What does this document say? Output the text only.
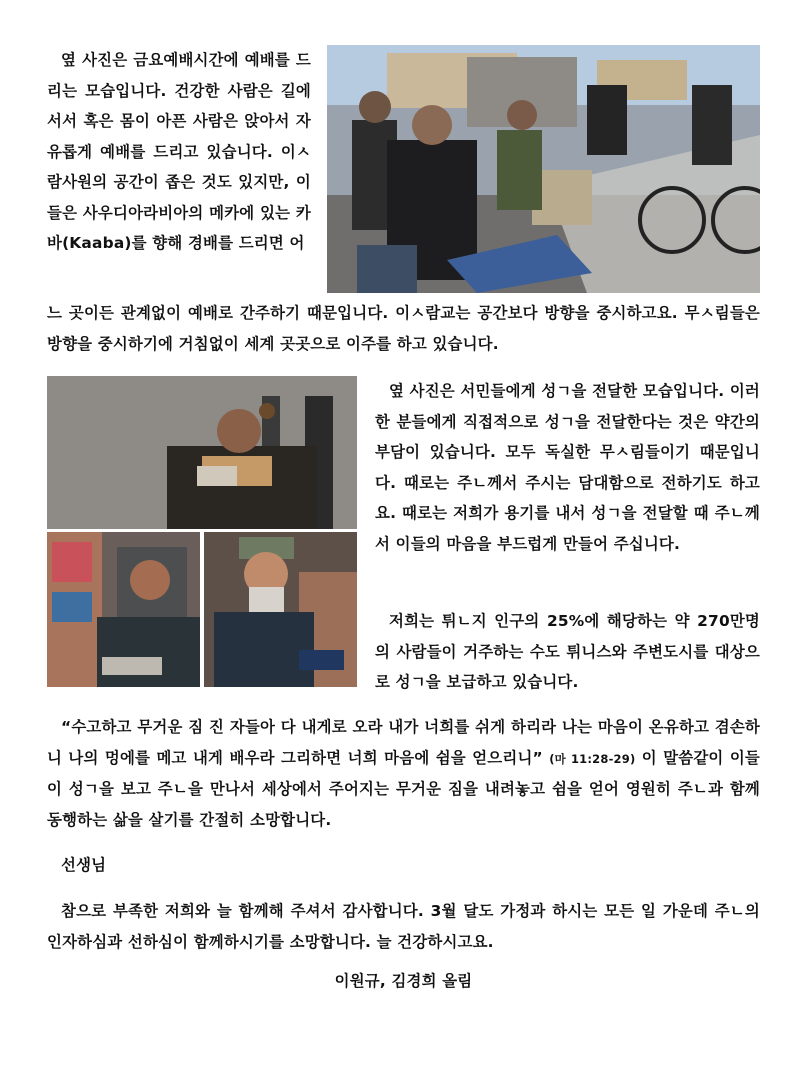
옆 사진은 금요예배시간에 예배를 드리는 모습입니다. 건강한 사람은 길에 서서 혹은 몸이 아픈 사람은 앉아서 자유롭게 예배를 드리고 있습니다. 이ㅅ람사원의 공간이 좁은 것도 있지만, 이들은 사우디아라비아의 메카에 있는 카바(Kaaba)를 향해 경배를 드리면 어

느 곳이든 관계없이 예배로 간주하기 때문입니다. 이ㅅ람교는 공간보다 방향을 중시하고요. 무ㅅ림들은 방향을 중시하기에 거침없이 세계 곳곳으로 이주를 하고 있습니다.

옆 사진은 서민들에게 성ㄱ을 전달한 모습입니다. 이러한 분들에게 직접적으로 성ㄱ을 전달한다는 것은 약간의 부담이 있습니다. 모두 독실한 무ㅅ림들이기 때문입니다. 때로는 주ㄴ께서 주시는 담대함으로 전하기도 하고요. 때로는 저희가 용기를 내서 성ㄱ을 전달할 때 주ㄴ께서 이들의 마음을 부드럽게 만들어 주십니다.

저희는 튀ㄴ지 인구의 25%에 해당하는 약 270만명의 사람들이 거주하는 수도 튀니스와 주변도시를 대상으로 성ㄱ을 보급하고 있습니다.

“수고하고 무거운 짐 진 자들아 다 내게로 오라 내가 너희를 쉬게 하리라 나는 마음이 온유하고 겸손하니 나의 멍에를 메고 내게 배우라 그리하면 너희 마음에 쉼을 얻으리니” (마 11:28-29) 이 말씀같이 이들이 성ㄱ을 보고 주ㄴ을 만나서 세상에서 주어지는 무거운 짐을 내려놓고 쉼을 얻어 영원히 주ㄴ과 함께 동행하는 삶을 살기를 간절히 소망합니다.

선생님

참으로 부족한 저희와 늘 함께해 주셔서 감사합니다. 3월 달도 가정과 하시는 모든 일 가운데 주ㄴ의 인자하심과 선하심이 함께하시기를 소망합니다. 늘 건강하시고요.

이원규, 김경희 올림
